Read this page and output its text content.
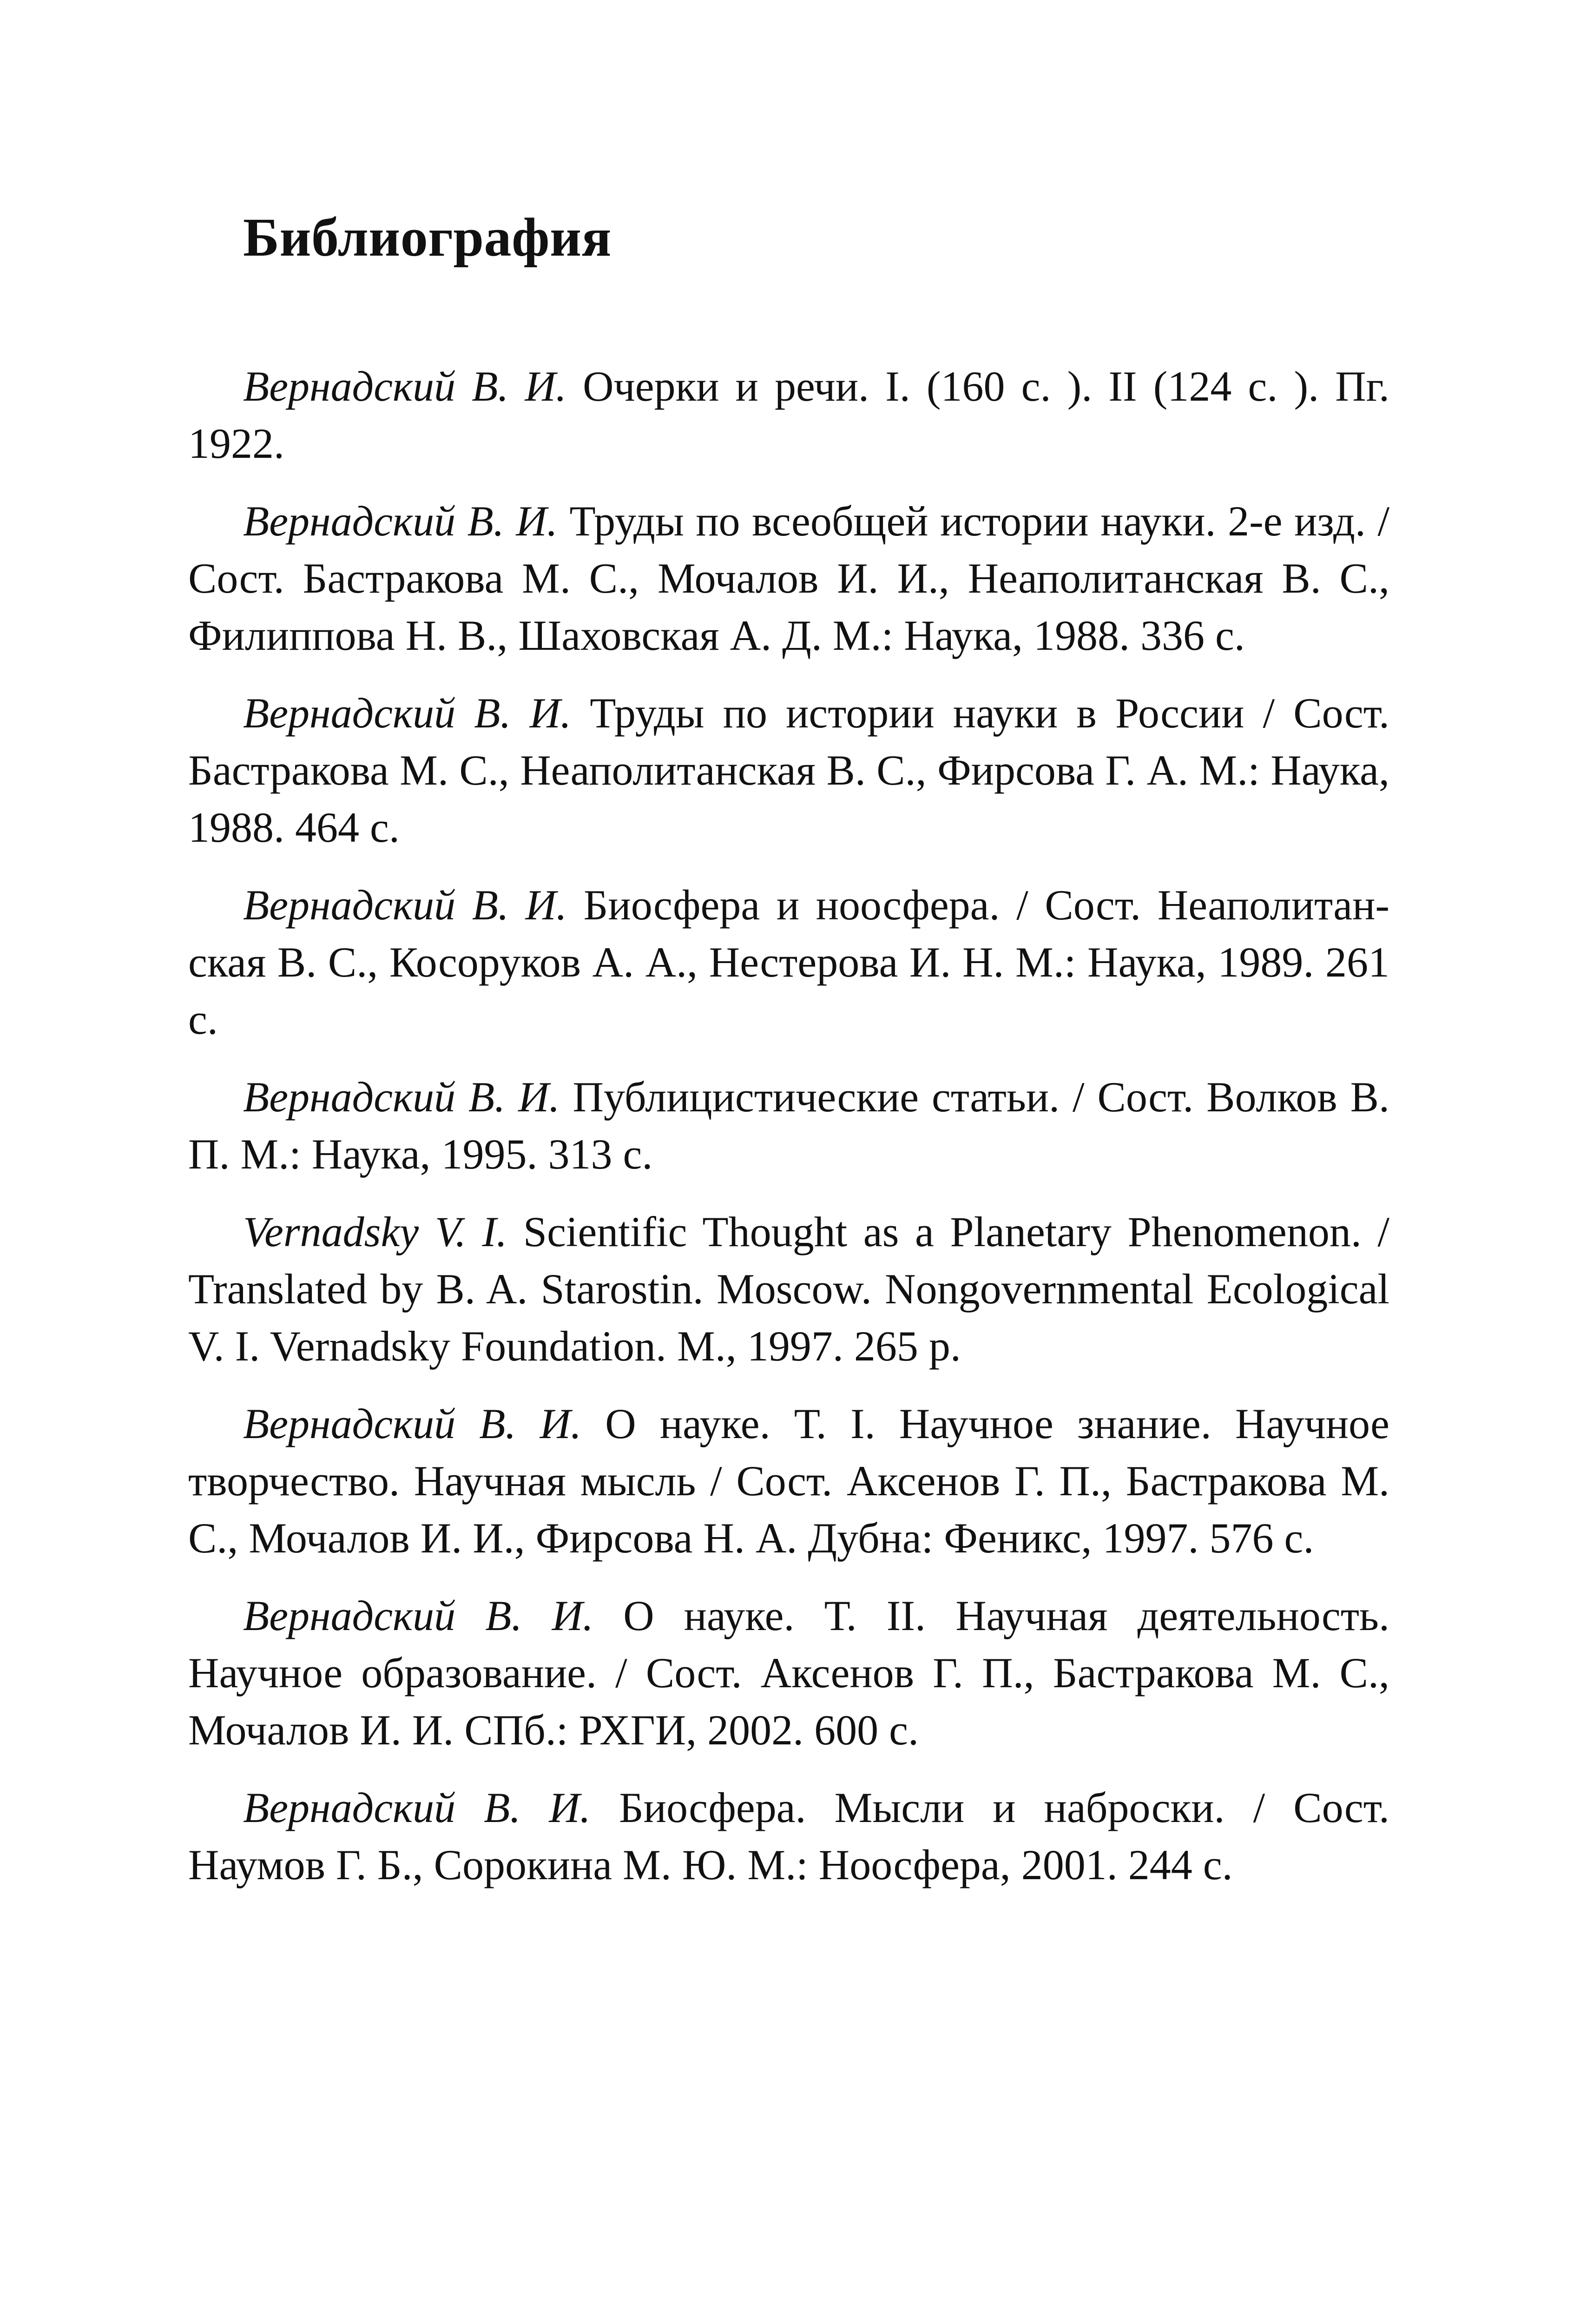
Библиография

Вернадский В. И. Очерки и речи. I. (160 с. ). II (124 с. ). Пг. 1922.

Вернадский В. И. Труды по всеобщей истории науки. 2-е изд. / Сост. Бастракова М. С., Мочалов И. И., Неаполитанская В. С., Филиппова Н. В., Шаховская А. Д. М.: Наука, 1988. 336 с.

Вернадский В. И. Труды по истории науки в России / Сост. Бастракова М. С., Неаполитанская В. С., Фирсова Г. А. М.: Наука, 1988. 464 с.

Вернадский В. И. Биосфера и ноосфера. / Сост. Неаполитанская В. С., Косоруков А. А., Нестерова И. Н. М.: Наука, 1989. 261 с.

Вернадский В. И. Публицистические статьи. / Сост. Волков В. П. М.: Наука, 1995. 313 с.

Vernadsky V. I. Scientific Thought as a Planetary Phenomenon. / Translated by B. A. Starostin. Moscow. Nongovernmental Ecological V. I. Vernadsky Foundation. M., 1997. 265 p.

Вернадский В. И. О науке. Т. I. Научное знание. Научное творчество. Научная мысль / Сост. Аксенов Г. П., Бастракова М. С., Мочалов И. И., Фирсова Н. А. Дубна: Феникс, 1997. 576 с.

Вернадский В. И. О науке. Т. II. Научная деятельность. Научное образование. / Сост. Аксенов Г. П., Бастракова М. С., Мочалов И. И. СПб.: РХГИ, 2002. 600 с.

Вернадский В. И. Биосфера. Мысли и наброски. / Сост. Наумов Г. Б., Сорокина М. Ю. М.: Ноосфера, 2001. 244 с.
